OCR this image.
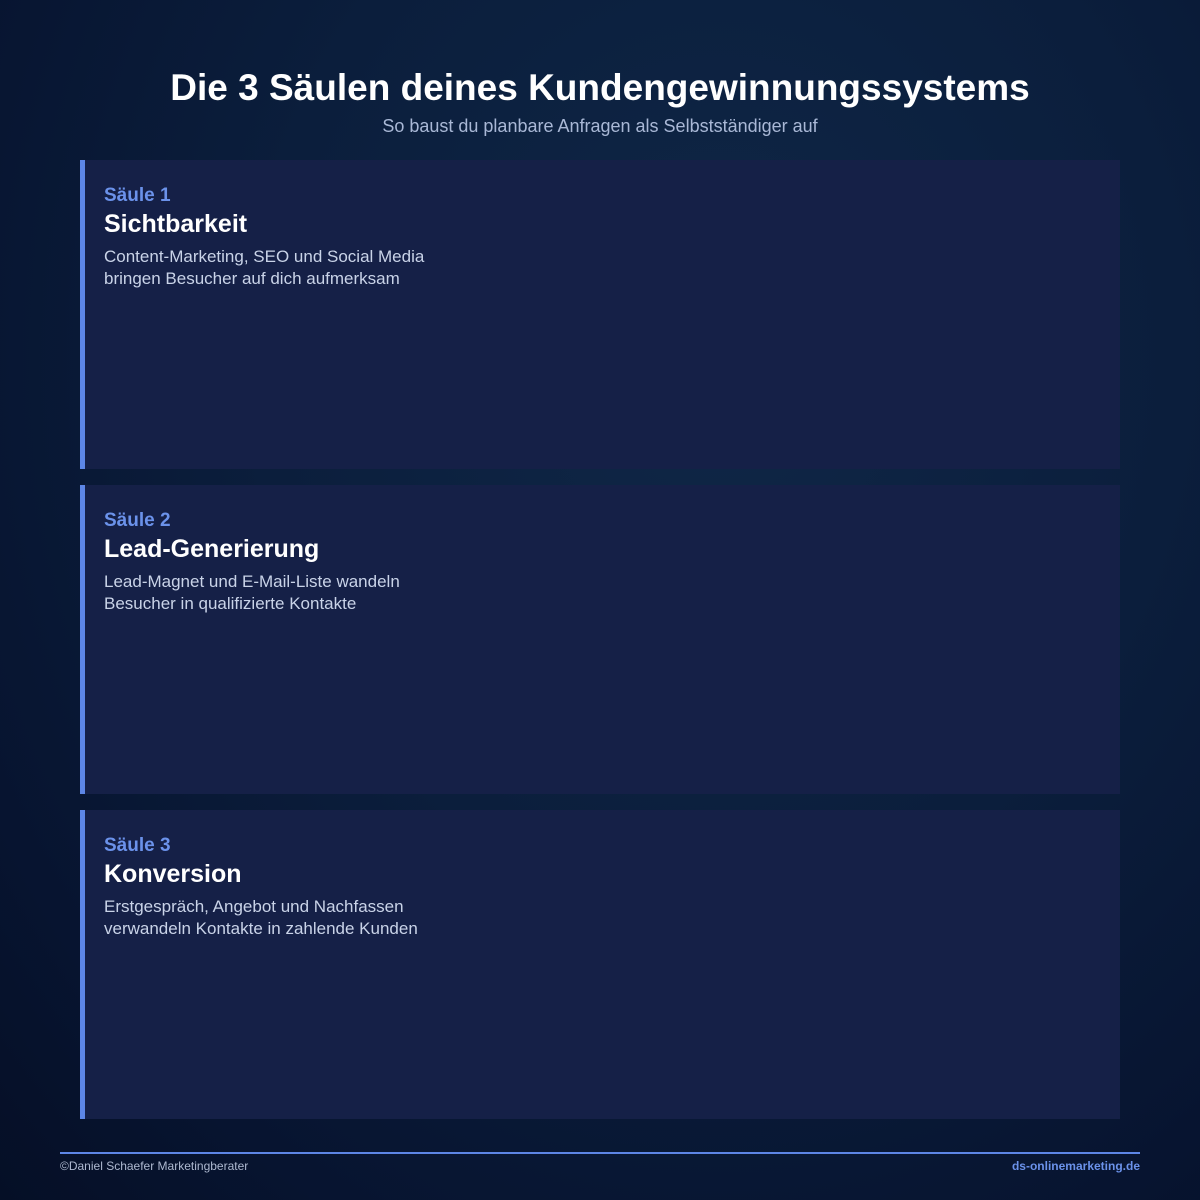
Die 3 Säulen deines Kundengewinnungssystems
So baust du planbare Anfragen als Selbstständiger auf
Säule 1
Sichtbarkeit
Content-Marketing, SEO und Social Media
bringen Besucher auf dich aufmerksam
Säule 2
Lead-Generierung
Lead-Magnet und E-Mail-Liste wandeln
Besucher in qualifizierte Kontakte
Säule 3
Konversion
Erstgespräch, Angebot und Nachfassen
verwandeln Kontakte in zahlende Kunden
©Daniel Schaefer Marketingberater	ds-onlinemarketing.de
